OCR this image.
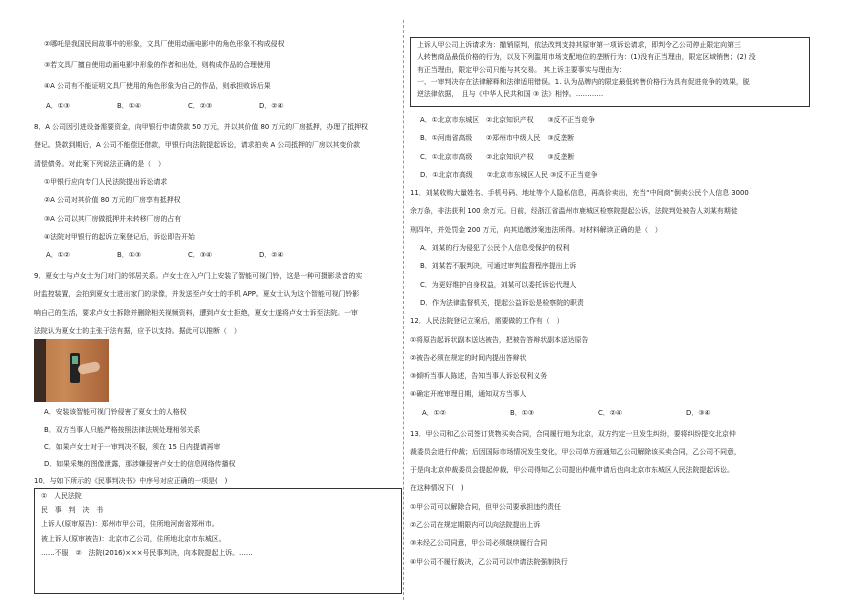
②哪吒是我国民间故事中的形象，文具厂使用动画电影中的角色形象不构成侵权

③若文具厂擅自使用动画电影中形象的作者和出处，则构成作品的合理使用

④A 公司有不能证明文具厂使用的角色形象为自己的作品，则承担败诉后果

A．①③	B．①④	C．②③	D．②④

8．A 公司因引进设备需要资金，向甲银行申请贷款 50 万元，并以其价值 80 万元的厂房抵押，办理了抵押权

登记。贷款到期后，A 公司不能偿还借款，甲银行向法院提起诉讼，请求拍卖 A 公司抵押的厂房以其变价款

清偿债务。对此案下列说法正确的是（　）

①甲银行应向专门人民法院提出诉讼请求

②A 公司对其价值 80 万元的厂房享有抵押权

③A 公司以其厂房做抵押并未转移厂房的占有

④法院对甲银行的起诉立案登记后，诉讼即告开始

A．①②	B．①③	C．③④	D．②④

9．夏女士与卢女士为门对门的邻居关系。卢女士在入户门上安装了智能可视门铃，这是一种可摄影录音的实

时监控装置，会拍到夏女士进出家门的录像，并发送至卢女士的手机 APP。夏女士认为这个智能可视门铃影

响自己的生活，要求卢女士拆除并删除相关视频资料，遭到卢女士拒绝，夏女士遂将卢女士诉至法院。一审

法院认为夏女士的主张于法有据，应予以支持。据此可以推断（　）

A．安装该智能可视门铃侵害了夏女士的人格权

B．双方当事人只能严格按照法律法规处理相邻关系

C．如果卢女士对于一审判决不服，须在 15 日内提请再审

D．如果采集的图像泄露，那涉嫌侵害卢女士的信息网络传播权

10．与如下所示的《民事判决书》中序号对应正确的一项是(　)

①　人民法院

民　事　判　决　书

上诉人(原审原告)：郑州市甲公司，住所地河南省郑州市。

被上诉人(原审被告)：北京市乙公司，住所地北京市东城区。

……不服　②　法院(2016)×××号民事判决，向本院提起上诉。……

上诉人甲公司上诉请求为：撤销原判，依法改判支持其原审第一项诉讼请求，即判令乙公司停止限定向第三

人转售商品最低价格的行为，以及下列滥用市场支配地位的垄断行为：(1)没有正当理由，限定区域销售；(2) 没

有正当理由，限定甲公司只能与其交易。 其上诉主要事实与理由为：

一、一审判决存在法律解释和法律适用错误。1. 认为品牌内的限定最低转售价格行为具有促进竞争的效果，脱

逆法律依据，　且与《中华人民共和国 ③ 法》相悖。…………

A．①北京市东城区　②北京知识产权　　③反不正当竞争

B．①河南省高级　　②郑州市中级人民　③反垄断

C．①北京市高级　　②北京知识产权　　③反垄断

D．①北京市高级　　②北京市东城区人民 ③反不正当竞争

11．刘某收购大量姓名、手机号码、地址等个人隐私信息，再高价卖出，充当“中间商”倒卖公民个人信息 3000

余万条，非法获利 100 余万元。日前，经浙江省温州市鹿城区检察院提起公诉，法院判处被告人刘某有期徒

刑四年，并处罚金 200 万元，向其追缴涉案违法所得。对材料解读正确的是（　）

A．刘某的行为侵犯了公民个人信息受保护的权利

B．刘某若不服判决，可通过审判监督程序提出上诉

C．为更好维护自身权益，刘某可以委托诉讼代理人

D．作为法律监督机关，提起公益诉讼是检察院的职责

12．人民法院登记立案后，需要做的工作有（　）

①将原告起诉状副本送达被告，把被告答辩状副本送达原告

②被告必须在规定的时间内提出答辩状

③倾听当事人陈述，告知当事人诉讼权利义务

④确定开庭审理日期，通知双方当事人

A．①②	B．①③	C．②④	D．③④

13．甲公司和乙公司签订货物买卖合同，合同履行地为北京，双方约定一旦发生纠纷，要将纠纷提交北京仲

裁委员会进行仲裁；后因国际市场情况发生变化，甲公司单方面通知乙公司解除该买卖合同，乙公司不同意，

于是向北京仲裁委员会提起仲裁，甲公司得知乙公司提出仲裁申请后也向北京市东城区人民法院提起诉讼。

在这种情况下(　)

①甲公司可以解除合同，但甲公司要承担违约责任

②乙公司在规定期限内可以向法院提出上诉

③未经乙公司同意，甲公司必须继续履行合同

④甲公司不履行裁决，乙公司可以申请法院强制执行
